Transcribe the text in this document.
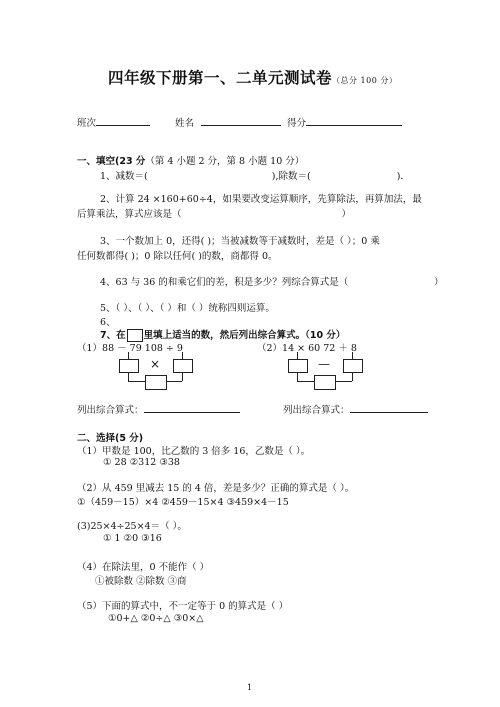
四年级下册第一、二单元测试卷（总分 100 分）
班次	姓名	得分
一、填空(23 分（第 4 小题 2 分，第 8 小题 10 分）
1、减数＝(	),除数＝(	)．
2、计算 24 ×160+60÷4，如果要改变运算顺序，先算除法，再算加法，最
后算乘法，算式应该是（	）
3、一个数加上 0，还得( )；当被减数等于减数时，差是（ ）；0 乘
任何数都得( )；0 除以任何( )的数，商都得 0。
4、63 与 36 的和乘它们的差，积是多少？列综合算式是（	）
5、（ ）、（ ）、（ ）和（ ）统称四则运算。
6、
7、在 里填上适当的数，然后列出综合算式。（10 分）
（1）88 － 79 108 ÷ 9	（2）14 × 60 72 ＋ 8
×	—
列出综合算式：	列出综合算式：
二、选择(5 分)
（1）甲数是 100，比乙数的 3 倍多 16，乙数是（ ）。
① 28 ②312 ③38
（2）从 459 里减去 15 的 4 倍，差是多少？正确的算式是（ ）。
①（459－15）×4 ②459－15×4 ③459×4－15
(3)25×4÷25×4＝（ ）。
① 1 ②0 ③16
（4）在除法里，0 不能作（ ）
①被除数 ②除数 ③商
（5）下面的算式中，不一定等于 0 的算式是（ ）
①0+△ ②0÷△ ③0×△
1
